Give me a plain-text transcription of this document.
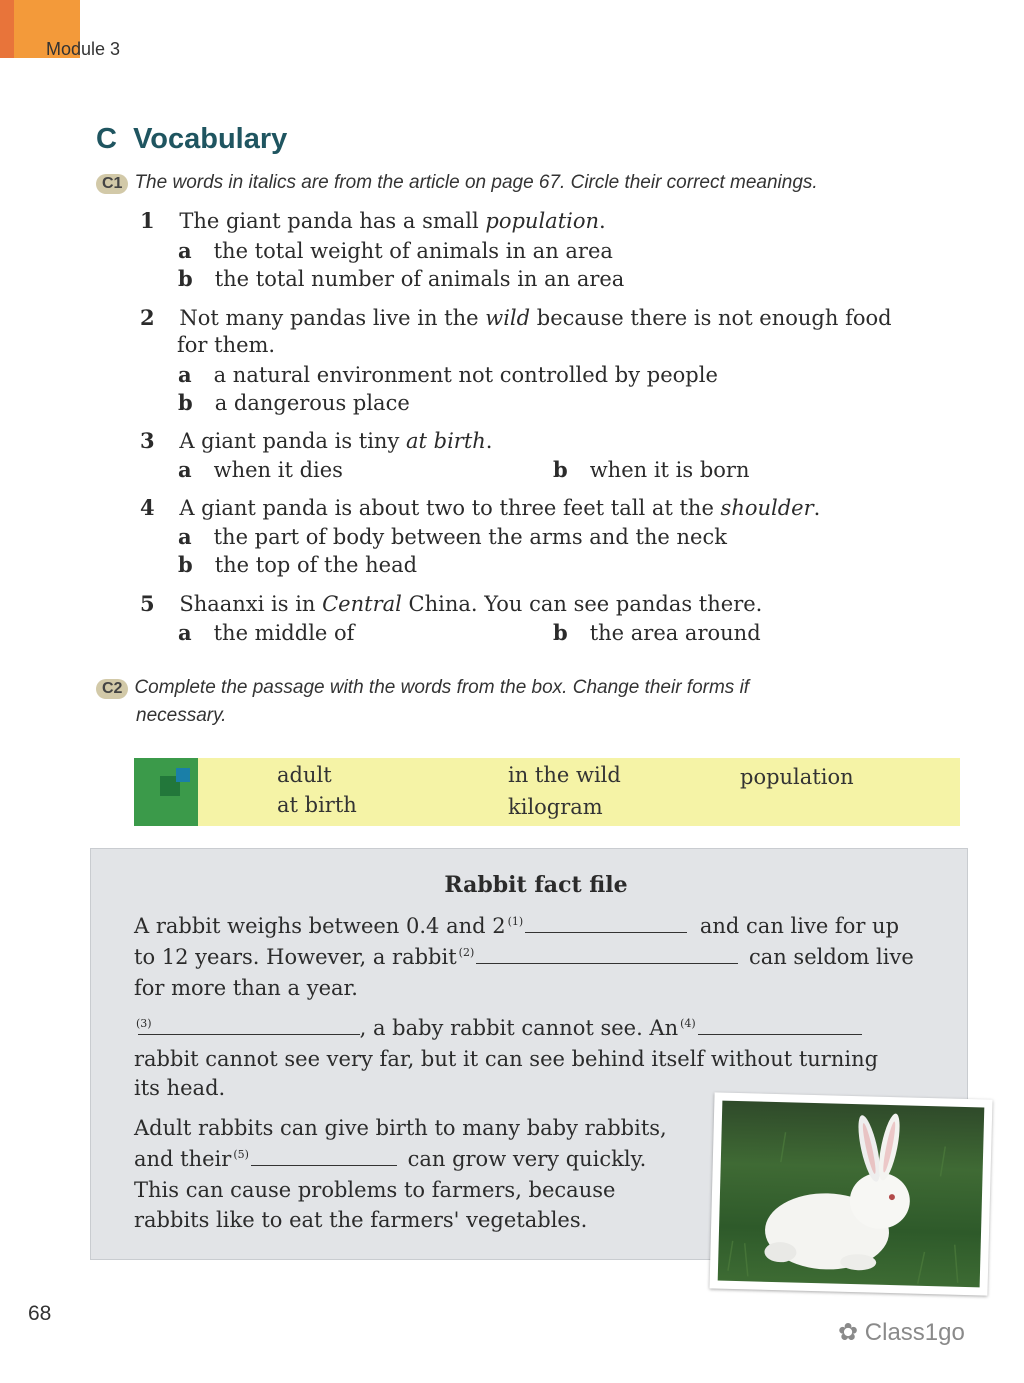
Module 3
C Vocabulary
C1 The words in italics are from the article on page 67. Circle their correct meanings.
1 The giant panda has a small population.
a the total weight of animals in an area
b the total number of animals in an area
2 Not many pandas live in the wild because there is not enough food
for them.
a a natural environment not controlled by people
b a dangerous place
3 A giant panda is tiny at birth.
a when it dies	b when it is born
4 A giant panda is about two to three feet tall at the shoulder.
a the part of body between the arms and the neck
b the top of the head
5 Shaanxi is in Central China. You can see pandas there.
a the middle of	b the area around
C2 Complete the passage with the words from the box. Change their forms if
necessary.
adult	in the wild	population
at birth	kilogram
Rabbit fact file
A rabbit weighs between 0.4 and 2 $^{(1)}$	and can live for up
to 12 years. However, a rabbit $^{(2)}$	can seldom live
for more than a year.
$^{(3)}$	, a baby rabbit cannot see. An $^{(4)}$
rabbit cannot see very far, but it can see behind itself without turning
its head.
Adult rabbits can give birth to many baby rabbits,
and their $^{(5)}$	can grow very quickly.
This can cause problems to farmers, because
rabbits like to eat the farmers' vegetables.
68
✿ Class1go
